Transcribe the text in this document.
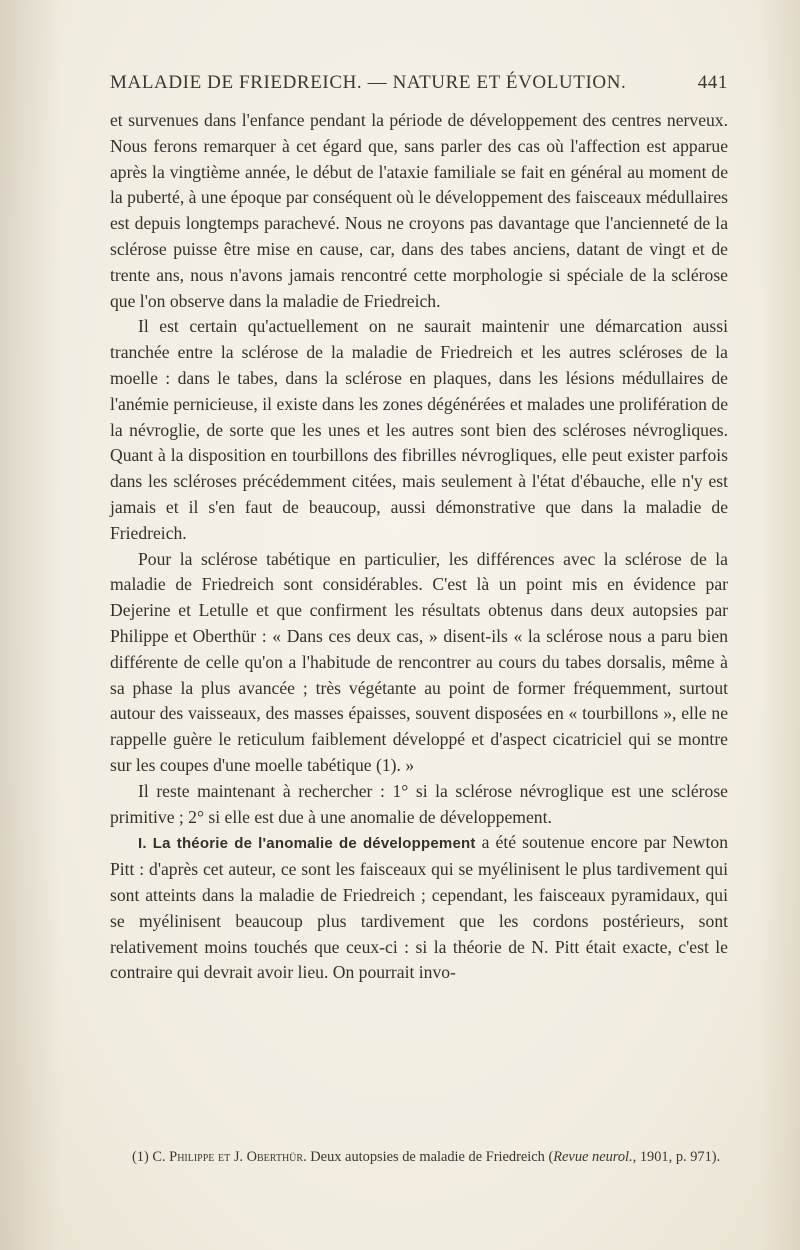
MALADIE DE FRIEDREICH. — NATURE ET ÉVOLUTION.	441

et survenues dans l'enfance pendant la période de développement des centres nerveux. Nous ferons remarquer à cet égard que, sans parler des cas où l'affection est apparue après la vingtième année, le début de l'ataxie familiale se fait en général au moment de la puberté, à une époque par conséquent où le développement des faisceaux médullaires est depuis longtemps parachevé. Nous ne croyons pas davantage que l'ancienneté de la sclérose puisse être mise en cause, car, dans des tabes anciens, datant de vingt et de trente ans, nous n'avons jamais rencontré cette morphologie si spéciale de la sclérose que l'on observe dans la maladie de Friedreich.

Il est certain qu'actuellement on ne saurait maintenir une démarcation aussi tranchée entre la sclérose de la maladie de Friedreich et les autres scléroses de la moelle : dans le tabes, dans la sclérose en plaques, dans les lésions médullaires de l'anémie pernicieuse, il existe dans les zones dégénérées et malades une prolifération de la névroglie, de sorte que les unes et les autres sont bien des scléroses névrogliques. Quant à la disposition en tourbillons des fibrilles névrogliques, elle peut exister parfois dans les scléroses précédemment citées, mais seulement à l'état d'ébauche, elle n'y est jamais et il s'en faut de beaucoup, aussi démonstrative que dans la maladie de Friedreich.

Pour la sclérose tabétique en particulier, les différences avec la sclérose de la maladie de Friedreich sont considérables. C'est là un point mis en évidence par Dejerine et Letulle et que confirment les résultats obtenus dans deux autopsies par Philippe et Oberthür : « Dans ces deux cas, » disent-ils « la sclérose nous a paru bien différente de celle qu'on a l'habitude de rencontrer au cours du tabes dorsalis, même à sa phase la plus avancée ; très végétante au point de former fréquemment, surtout autour des vaisseaux, des masses épaisses, souvent disposées en « tourbillons », elle ne rappelle guère le reticulum faiblement développé et d'aspect cicatriciel qui se montre sur les coupes d'une moelle tabétique (1). »

Il reste maintenant à rechercher : 1° si la sclérose névroglique est une sclérose primitive ; 2° si elle est due à une anomalie de développement.

I. La théorie de l'anomalie de développement a été soutenue encore par Newton Pitt : d'après cet auteur, ce sont les faisceaux qui se myélinisent le plus tardivement qui sont atteints dans la maladie de Friedreich ; cependant, les faisceaux pyramidaux, qui se myélinisent beaucoup plus tardivement que les cordons postérieurs, sont relativement moins touchés que ceux-ci : si la théorie de N. Pitt était exacte, c'est le contraire qui devrait avoir lieu. On pourrait invo-

(1) C. Philippe et J. Oberthür. Deux autopsies de maladie de Friedreich (Revue neurol., 1901, p. 971).
